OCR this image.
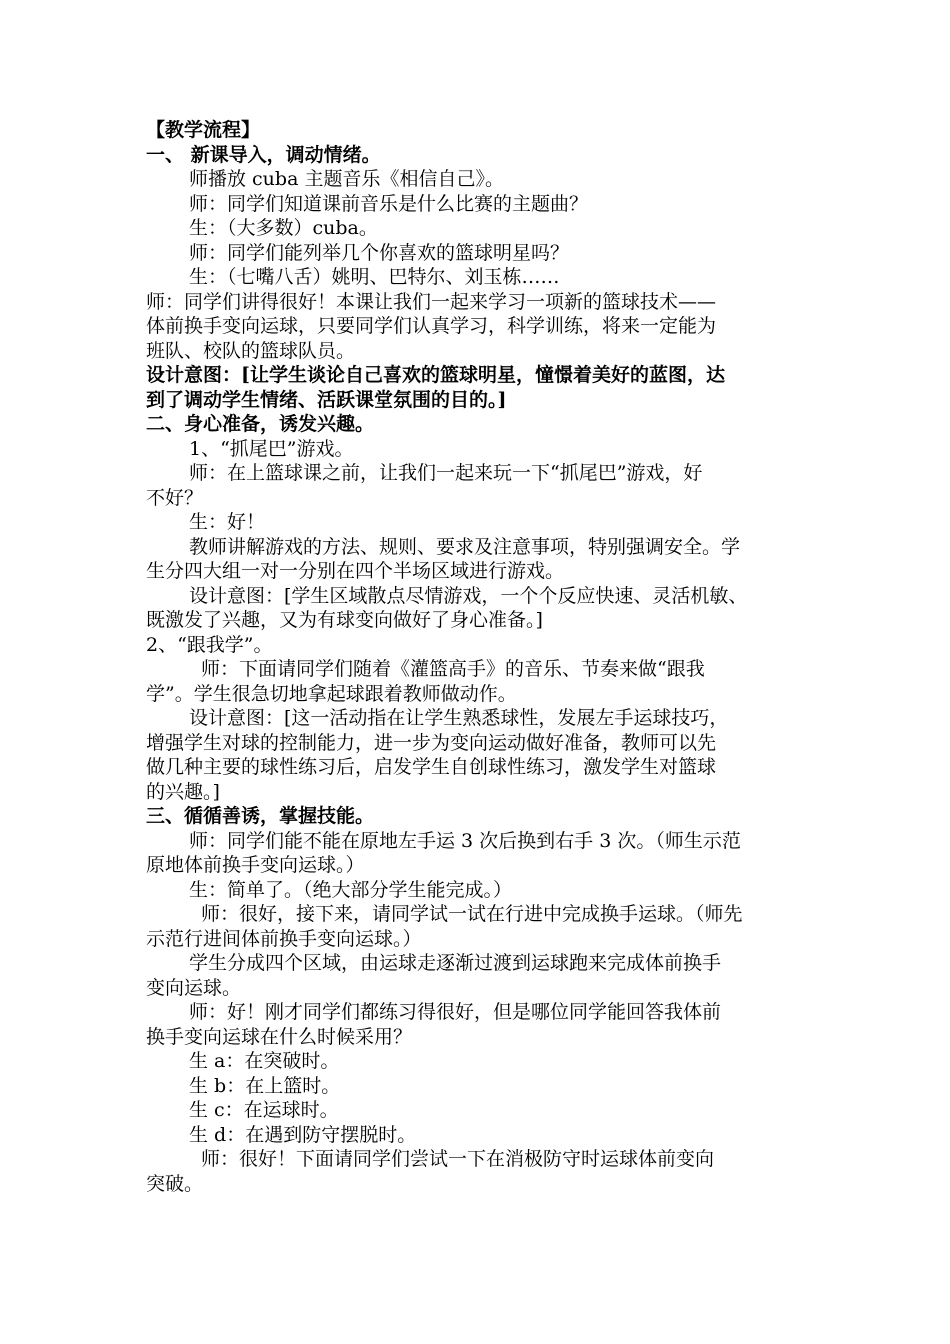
【教学流程】
一、 新课导入，调动情绪。
师播放 cuba 主题音乐《相信自己》。
师：同学们知道课前音乐是什么比赛的主题曲？
生：（大多数）cuba。
师：同学们能列举几个你喜欢的篮球明星吗？
生：（七嘴八舌）姚明、巴特尔、刘玉栋……
师：同学们讲得很好！本课让我们一起来学习一项新的篮球技术——
体前换手变向运球，只要同学们认真学习，科学训练，将来一定能为
班队、校队的篮球队员。
设计意图：[让学生谈论自己喜欢的篮球明星，憧憬着美好的蓝图，达
到了调动学生情绪、活跃课堂氛围的目的。]
二、身心准备，诱发兴趣。
1、“抓尾巴”游戏。
师：在上篮球课之前，让我们一起来玩一下“抓尾巴”游戏，好
不好？
生：好！
教师讲解游戏的方法、规则、要求及注意事项，特别强调安全。学
生分四大组一对一分别在四个半场区域进行游戏。
设计意图：[学生区域散点尽情游戏，一个个反应快速、灵活机敏、
既激发了兴趣，又为有球变向做好了身心准备。]
2、“跟我学”。
师：下面请同学们随着《灌篮高手》的音乐、节奏来做“跟我
学”。学生很急切地拿起球跟着教师做动作。
设计意图：[这一活动指在让学生熟悉球性，发展左手运球技巧，
增强学生对球的控制能力，进一步为变向运动做好准备，教师可以先
做几种主要的球性练习后，启发学生自创球性练习，激发学生对篮球
的兴趣。]
三、循循善诱，掌握技能。
师：同学们能不能在原地左手运 3 次后换到右手 3 次。（师生示范
原地体前换手变向运球。）
生：简单了。（绝大部分学生能完成。）
师：很好，接下来，请同学试一试在行进中完成换手运球。（师先
示范行进间体前换手变向运球。）
学生分成四个区域，由运球走逐渐过渡到运球跑来完成体前换手
变向运球。
师：好！刚才同学们都练习得很好，但是哪位同学能回答我体前
换手变向运球在什么时候采用？
生 a：在突破时。
生 b：在上篮时。
生 c：在运球时。
生 d：在遇到防守摆脱时。
师：很好！下面请同学们尝试一下在消极防守时运球体前变向
突破。
